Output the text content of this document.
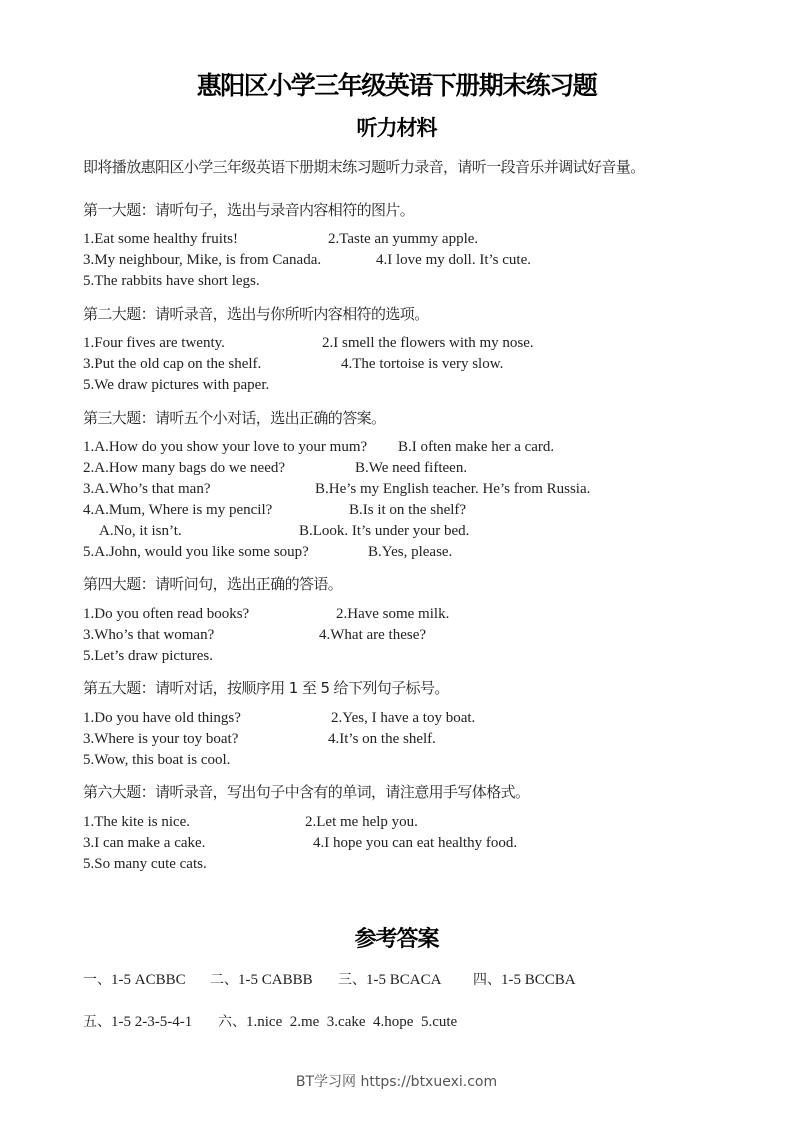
惠阳区小学三年级英语下册期末练习题
听力材料
即将播放惠阳区小学三年级英语下册期末练习题听力录音，请听一段音乐并调试好音量。
第一大题：请听句子，选出与录音内容相符的图片。
1.Eat some healthy fruits!	2.Taste an yummy apple.
3.My neighbour, Mike, is from Canada.	4.I love my doll. It’s cute.
5.The rabbits have short legs.
第二大题：请听录音，选出与你所听内容相符的选项。
1.Four fives are twenty.	2.I smell the flowers with my nose.
3.Put the old cap on the shelf.	4.The tortoise is very slow.
5.We draw pictures with paper.
第三大题：请听五个小对话，选出正确的答案。
1.A.How do you show your love to your mum? B.I often make her a card.
2.A.How many bags do we need?	B.We need fifteen.
3.A.Who’s that man?	B.He’s my English teacher. He’s from Russia.
4.A.Mum, Where is my pencil?	B.Is it on the shelf?
A.No, it isn’t.	B.Look. It’s under your bed.
5.A.John, would you like some soup?	B.Yes, please.
第四大题：请听问句，选出正确的答语。
1.Do you often read books?	2.Have some milk.
3.Who’s that woman?	4.What are these?
5.Let’s draw pictures.
第五大题：请听对话，按顺序用 1 至 5 给下列句子标号。
1.Do you have old things?	2.Yes, I have a toy boat.
3.Where is your toy boat?	4.It’s on the shelf.
5.Wow, this boat is cool.
第六大题：请听录音，写出句子中含有的单词，请注意用手写体格式。
1.The kite is nice.	2.Let me help you.
3.I can make a cake.	4.I hope you can eat healthy food.
5.So many cute cats.
参考答案
一、1-5 ACBBC 二、1-5 CABBB 三、1-5 BCACA 四、1-5 BCCBA
五、1-5 2-3-5-4-1 六、1.nice  2.me  3.cake  4.hope  5.cute
BT学习网 https://btxuexi.com
